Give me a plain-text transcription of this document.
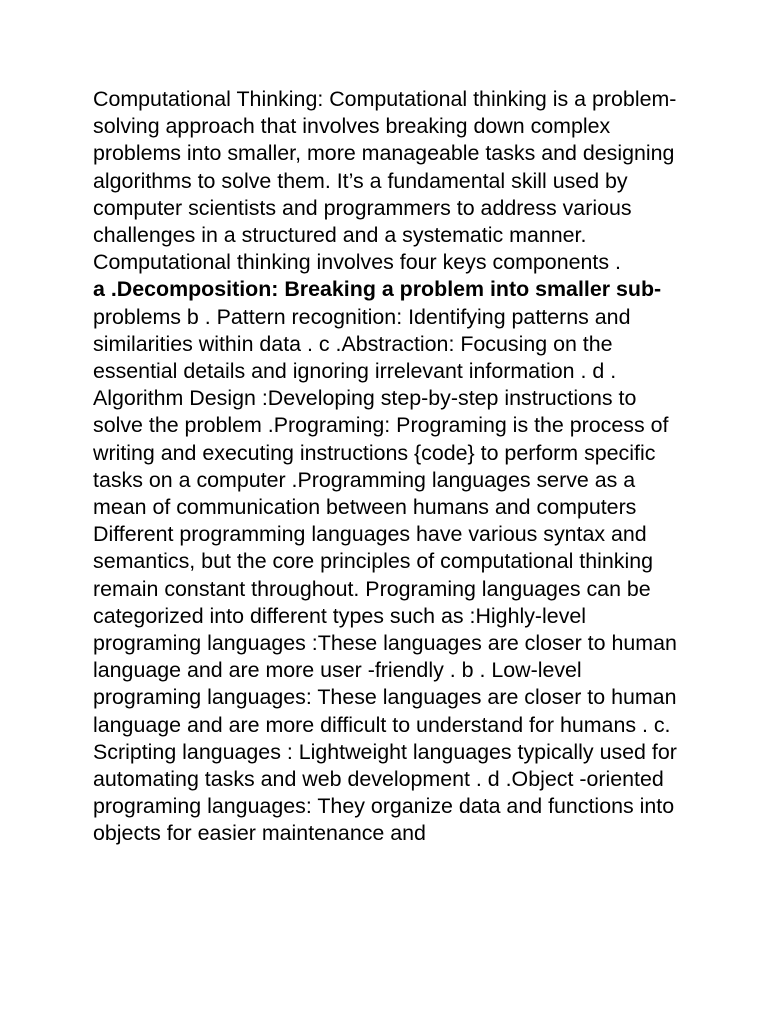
Computational Thinking: Computational thinking is a problem-solving approach that involves breaking down complex problems into smaller, more manageable tasks and designing algorithms to solve them. It’s a fundamental skill used by computer scientists and programmers to address various challenges in a structured and a systematic manner. Computational thinking involves four keys components .

a .Decomposition: Breaking a problem into smaller sub-problems b . Pattern recognition: Identifying patterns and similarities within data . c .Abstraction: Focusing on the essential details and ignoring irrelevant information . d . Algorithm Design :Developing step-by-step instructions to solve the problem .Programing: Programing is the process of writing and executing instructions {code} to perform specific tasks on a computer .Programming languages serve as a mean of communication between humans and computers Different programming languages have various syntax and semantics, but the core principles of computational thinking remain constant throughout. Programing languages can be categorized into different types such as :Highly-level programing languages :These languages are closer to human language and are more user -friendly . b . Low-level programing languages: These languages are closer to human language and are more difficult to understand for humans . c. Scripting languages : Lightweight languages typically used for automating tasks and web development . d .Object -oriented programing languages: They organize data and functions into objects for easier maintenance and
